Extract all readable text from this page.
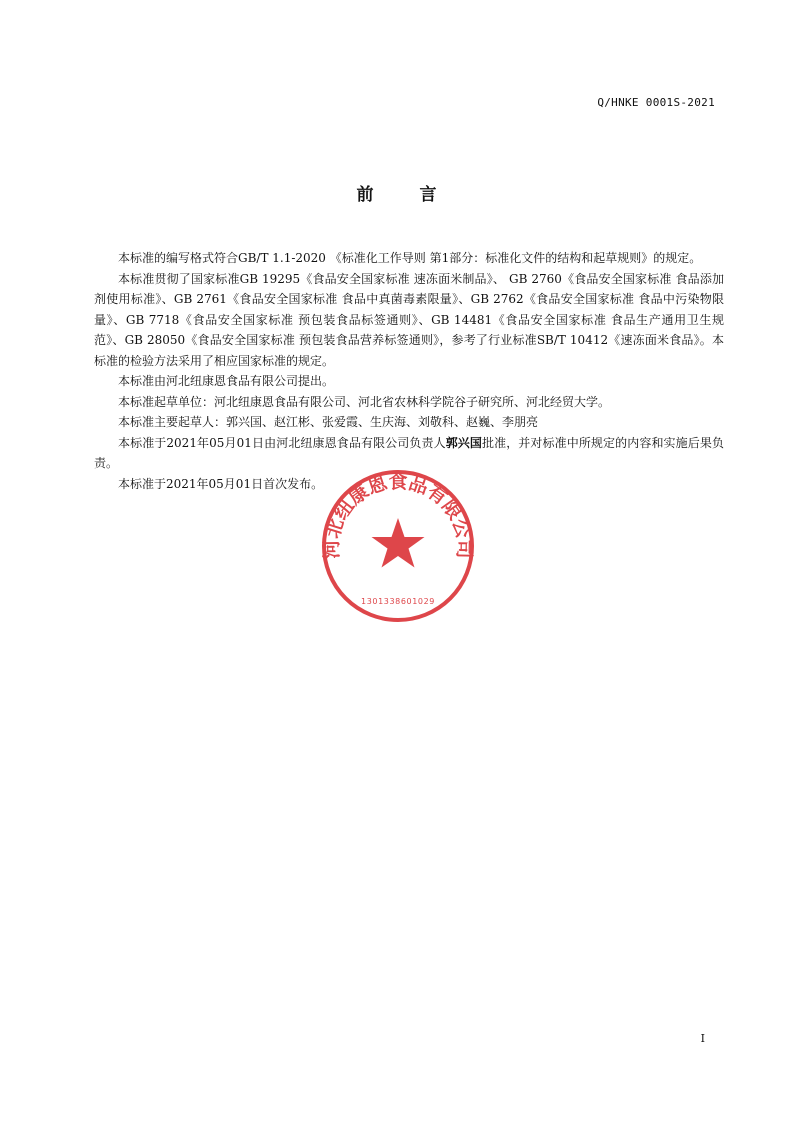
Q/HNKE 0001S-2021
前言

本标准的编写格式符合GB/T 1.1-2020 《标准化工作导则 第1部分：标准化文件的结构和起草规则》的规定。

本标准贯彻了国家标准GB 19295《食品安全国家标准 速冻面米制品》、 GB 2760《食品安全国家标准 食品添加剂使用标准》、GB 2761《食品安全国家标准 食品中真菌毒素限量》、GB 2762《食品安全国家标准 食品中污染物限量》、GB 7718《食品安全国家标准 预包装食品标签通则》、GB 14481《食品安全国家标准 食品生产通用卫生规范》、GB 28050《食品安全国家标准 预包装食品营养标签通则》，参考了行业标准SB/T 10412《速冻面米食品》。本标准的检验方法采用了相应国家标准的规定。

本标准由河北纽康恩食品有限公司提出。

本标准起草单位：河北纽康恩食品有限公司、河北省农林科学院谷子研究所、河北经贸大学。

本标准主要起草人：郭兴国、赵江彬、张爱霞、生庆海、刘敬科、赵巍、李朋亮

本标准于2021年05月01日由河北纽康恩食品有限公司负责人郭兴国批准，并对标准中所规定的内容和实施后果负责。

本标准于2021年05月01日首次发布。

河北纽康恩食品有限公司
1301338601029
I
